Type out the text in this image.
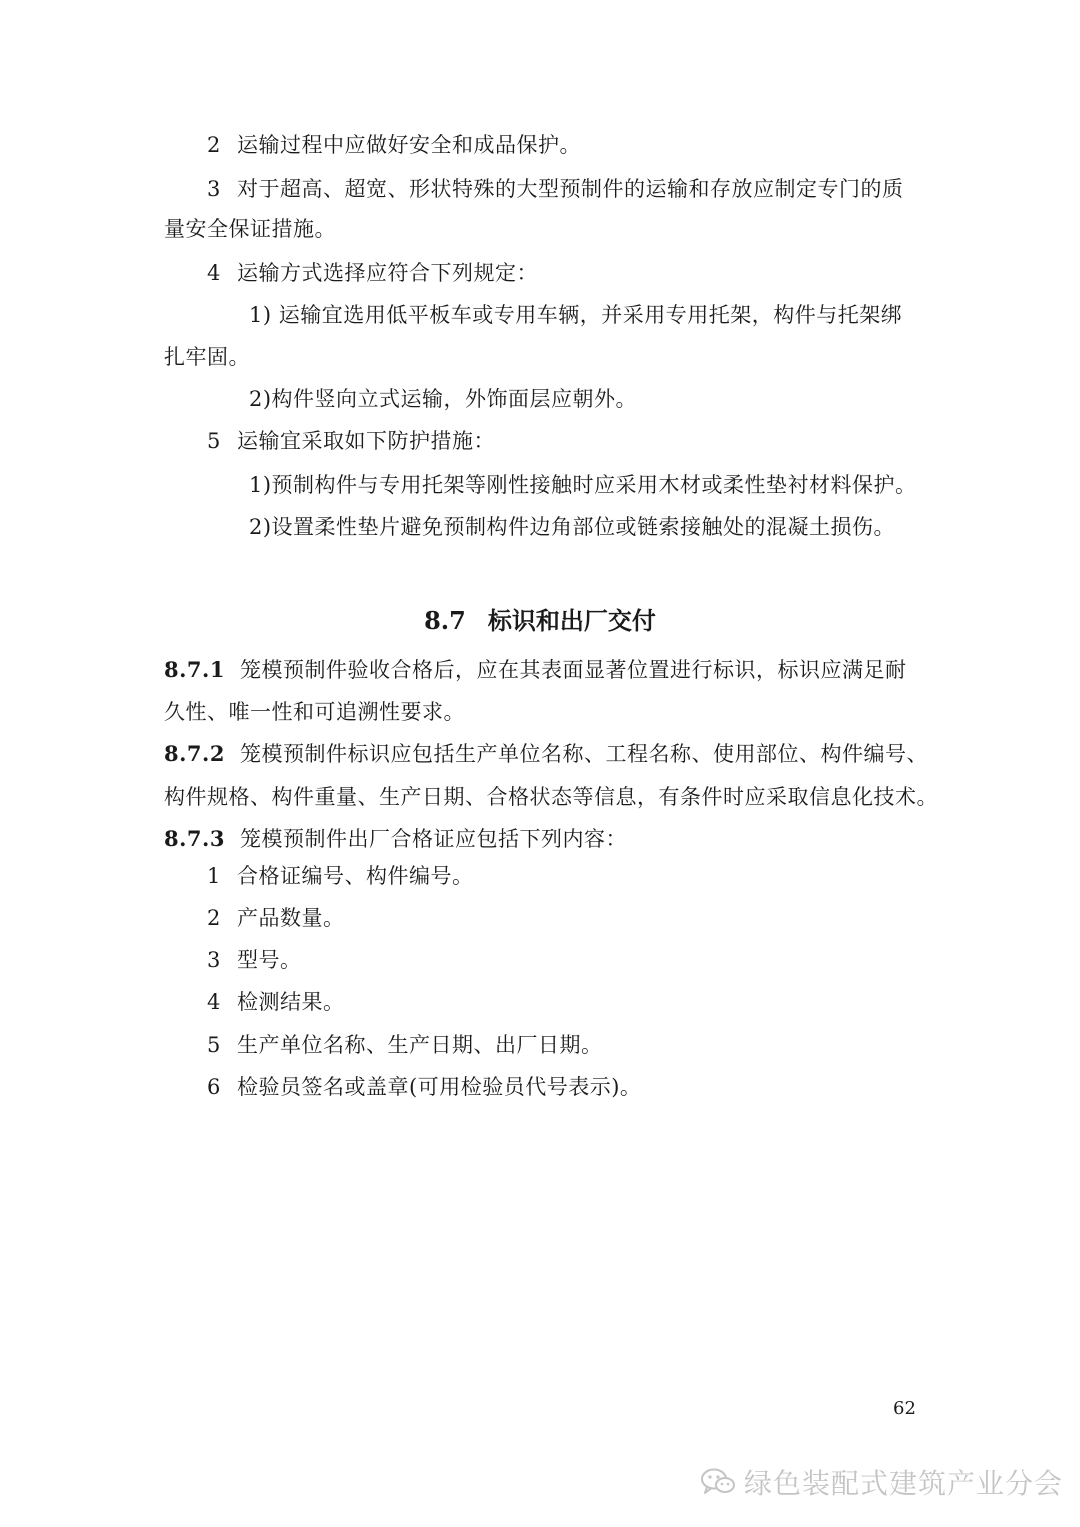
2 运输过程中应做好安全和成品保护。
3 对于超高、超宽、形状特殊的大型预制件的运输和存放应制定专门的质
量安全保证措施。
4 运输方式选择应符合下列规定：
1) 运输宜选用低平板车或专用车辆，并采用专用托架，构件与托架绑
扎牢固。
2)构件竖向立式运输，外饰面层应朝外。
5 运输宜采取如下防护措施：
1)预制构件与专用托架等刚性接触时应采用木材或柔性垫衬材料保护。
2)设置柔性垫片避免预制构件边角部位或链索接触处的混凝土损伤。
8.7 标识和出厂交付
8.7.1 笼模预制件验收合格后，应在其表面显著位置进行标识，标识应满足耐
久性、唯一性和可追溯性要求。
8.7.2 笼模预制件标识应包括生产单位名称、工程名称、使用部位、构件编号、
构件规格、构件重量、生产日期、合格状态等信息，有条件时应采取信息化技术。
8.7.3 笼模预制件出厂合格证应包括下列内容：
1 合格证编号、构件编号。
2 产品数量。
3 型号。
4 检测结果。
5 生产单位名称、生产日期、出厂日期。
6 检验员签名或盖章(可用检验员代号表示)。
62
绿色装配式建筑产业分会
